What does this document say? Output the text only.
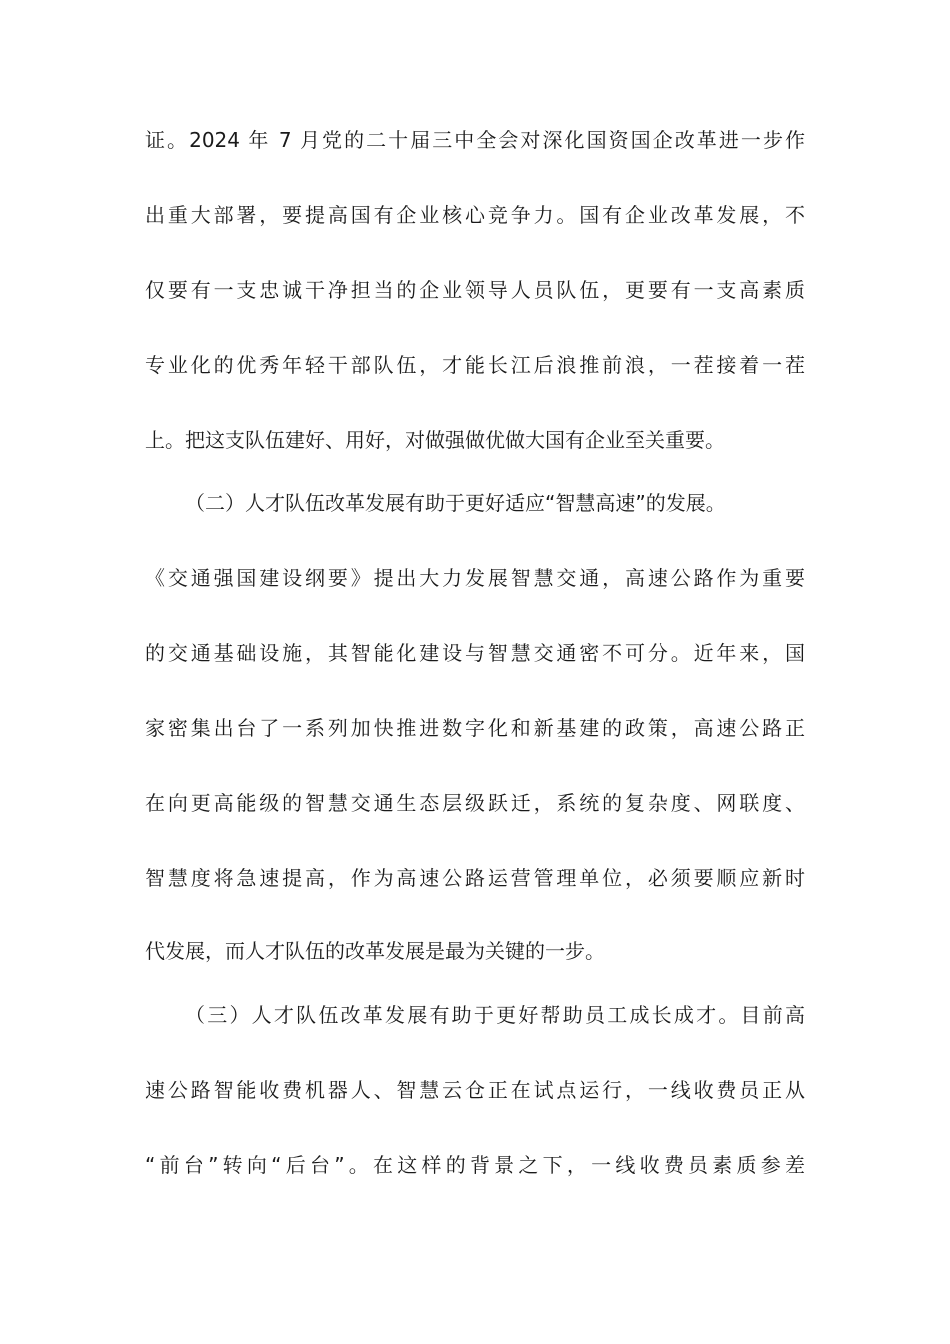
证。2024 年 7 月党的二十届三中全会对深化国资国企改革进一步作
出重大部署，要提高国有企业核心竞争力。国有企业改革发展，不
仅要有一支忠诚干净担当的企业领导人员队伍，更要有一支高素质
专业化的优秀年轻干部队伍，才能长江后浪推前浪，一茬接着一茬
上。把这支队伍建好、用好，对做强做优做大国有企业至关重要。
（二）人才队伍改革发展有助于更好适应“智慧高速”的发展。
《交通强国建设纲要》提出大力发展智慧交通，高速公路作为重要
的交通基础设施，其智能化建设与智慧交通密不可分。近年来，国
家密集出台了一系列加快推进数字化和新基建的政策，高速公路正
在向更高能级的智慧交通生态层级跃迁，系统的复杂度、网联度、
智慧度将急速提高，作为高速公路运营管理单位，必须要顺应新时
代发展，而人才队伍的改革发展是最为关键的一步。
（三）人才队伍改革发展有助于更好帮助员工成长成才。目前高
速公路智能收费机器人、智慧云仓正在试点运行，一线收费员正从
“前台”转向“后台”。在这样的背景之下，一线收费员素质参差
